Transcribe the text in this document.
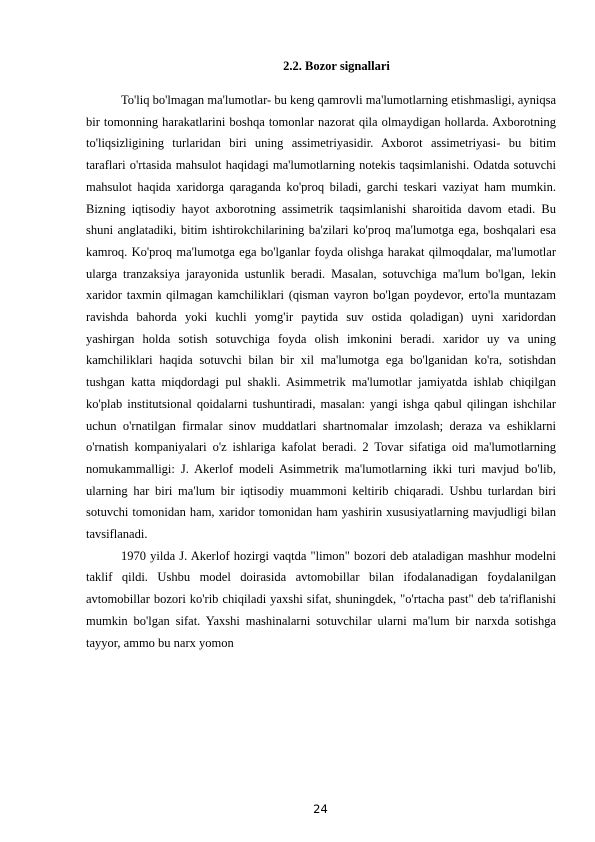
2.2. Bozor signallari

To'liq bo'lmagan ma'lumotlar- bu keng qamrovli ma'lumotlarning etishmasligi, ayniqsa bir tomonning harakatlarini boshqa tomonlar nazorat qila olmaydigan hollarda. Axborotning to'liqsizligining turlaridan biri uning assimetriyasidir. Axborot assimetriyasi- bu bitim taraflari o'rtasida mahsulot haqidagi ma'lumotlarning notekis taqsimlanishi. Odatda sotuvchi mahsulot haqida xaridorga qaraganda ko'proq biladi, garchi teskari vaziyat ham mumkin. Bizning iqtisodiy hayot axborotning assimetrik taqsimlanishi sharoitida davom etadi. Bu shuni anglatadiki, bitim ishtirokchilarining ba'zilari ko'proq ma'lumotga ega, boshqalari esa kamroq. Ko'proq ma'lumotga ega bo'lganlar foyda olishga harakat qilmoqdalar, ma'lumotlar ularga tranzaksiya jarayonida ustunlik beradi. Masalan, sotuvchiga ma'lum bo'lgan, lekin xaridor taxmin qilmagan kamchiliklari (qisman vayron bo'lgan poydevor, erto'la muntazam ravishda bahorda yoki kuchli yomg'ir paytida suv ostida qoladigan) uyni xaridordan yashirgan holda sotish sotuvchiga foyda olish imkonini beradi. xaridor uy va uning kamchiliklari haqida sotuvchi bilan bir xil ma'lumotga ega bo'lganidan ko'ra, sotishdan tushgan katta miqdordagi pul shakli. Asimmetrik ma'lumotlar jamiyatda ishlab chiqilgan ko'plab institutsional qoidalarni tushuntiradi, masalan: yangi ishga qabul qilingan ishchilar uchun o'rnatilgan firmalar sinov muddatlari shartnomalar imzolash; deraza va eshiklarni o'rnatish kompaniyalari o'z ishlariga kafolat beradi. 2 Tovar sifatiga oid ma'lumotlarning nomukammalligi: J. Akerlof modeli Asimmetrik ma'lumotlarning ikki turi mavjud bo'lib, ularning har biri ma'lum bir iqtisodiy muammoni keltirib chiqaradi. Ushbu turlardan biri sotuvchi tomonidan ham, xaridor tomonidan ham yashirin xususiyatlarning mavjudligi bilan tavsiflanadi.

1970 yilda J. Akerlof hozirgi vaqtda "limon" bozori deb ataladigan mashhur modelni taklif qildi. Ushbu model doirasida avtomobillar bilan ifodalanadigan foydalanilgan avtomobillar bozori ko'rib chiqiladi yaxshi sifat, shuningdek, "o'rtacha past" deb ta'riflanishi mumkin bo'lgan sifat. Yaxshi mashinalarni sotuvchilar ularni ma'lum bir narxda sotishga tayyor, ammo bu narx yomon

24
